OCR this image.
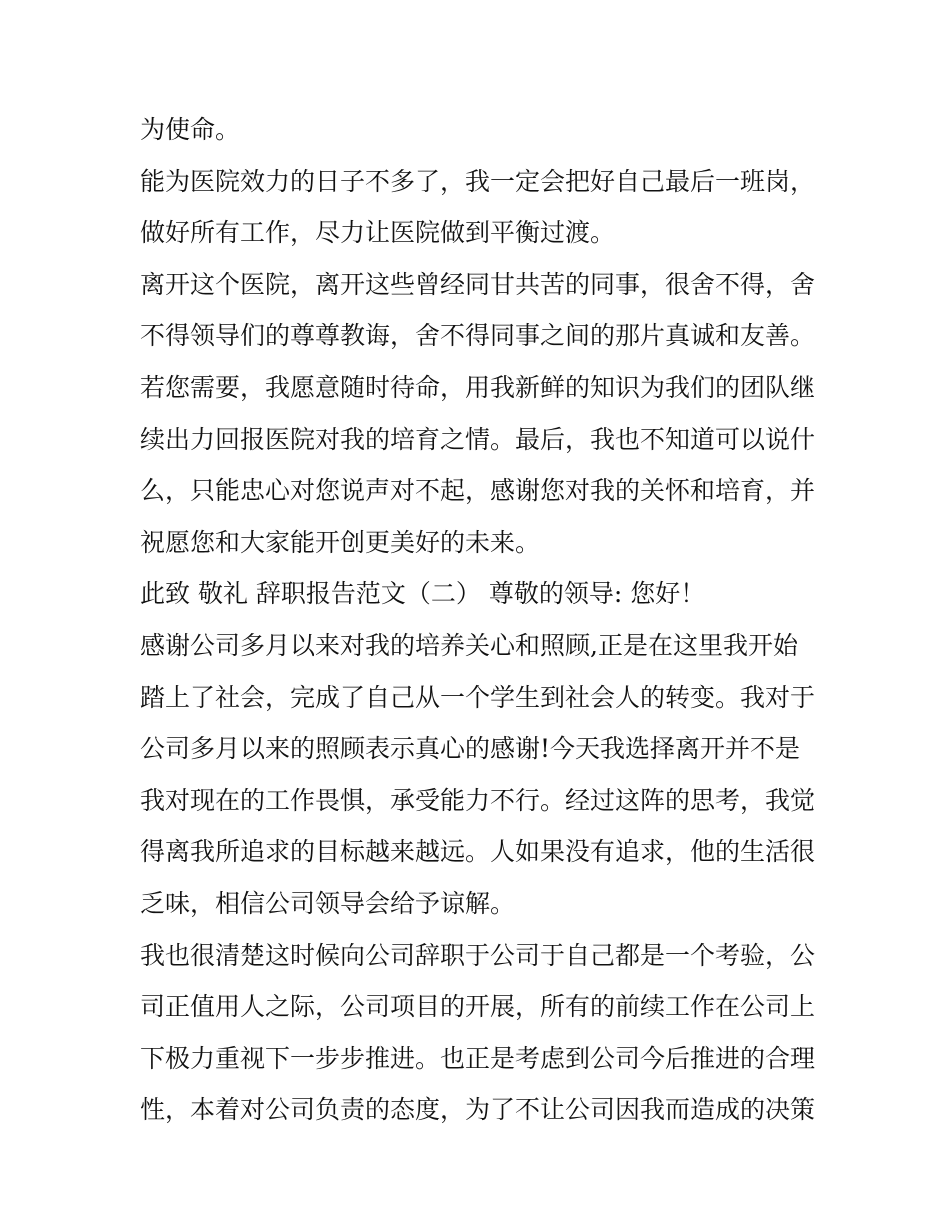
为使命。
能为医院效力的日子不多了，我一定会把好自己最后一班岗，
做好所有工作，尽力让医院做到平衡过渡。
离开这个医院，离开这些曾经同甘共苦的同事，很舍不得，舍
不得领导们的尊尊教诲，舍不得同事之间的那片真诚和友善。
若您需要，我愿意随时待命，用我新鲜的知识为我们的团队继
续出力回报医院对我的培育之情。最后，我也不知道可以说什
么，只能忠心对您说声对不起，感谢您对我的关怀和培育，并
祝愿您和大家能开创更美好的未来。
此致 敬礼 辞职报告范文（二） 尊敬的领导: 您好！
感谢公司多月以来对我的培养关心和照顾,正是在这里我开始
踏上了社会，完成了自己从一个学生到社会人的转变。我对于
公司多月以来的照顾表示真心的感谢!今天我选择离开并不是
我对现在的工作畏惧，承受能力不行。经过这阵的思考，我觉
得离我所追求的目标越来越远。人如果没有追求，他的生活很
乏味，相信公司领导会给予谅解。
我也很清楚这时候向公司辞职于公司于自己都是一个考验，公
司正值用人之际，公司项目的开展，所有的前续工作在公司上
下极力重视下一步步推进。也正是考虑到公司今后推进的合理
性，本着对公司负责的态度，为了不让公司因我而造成的决策
